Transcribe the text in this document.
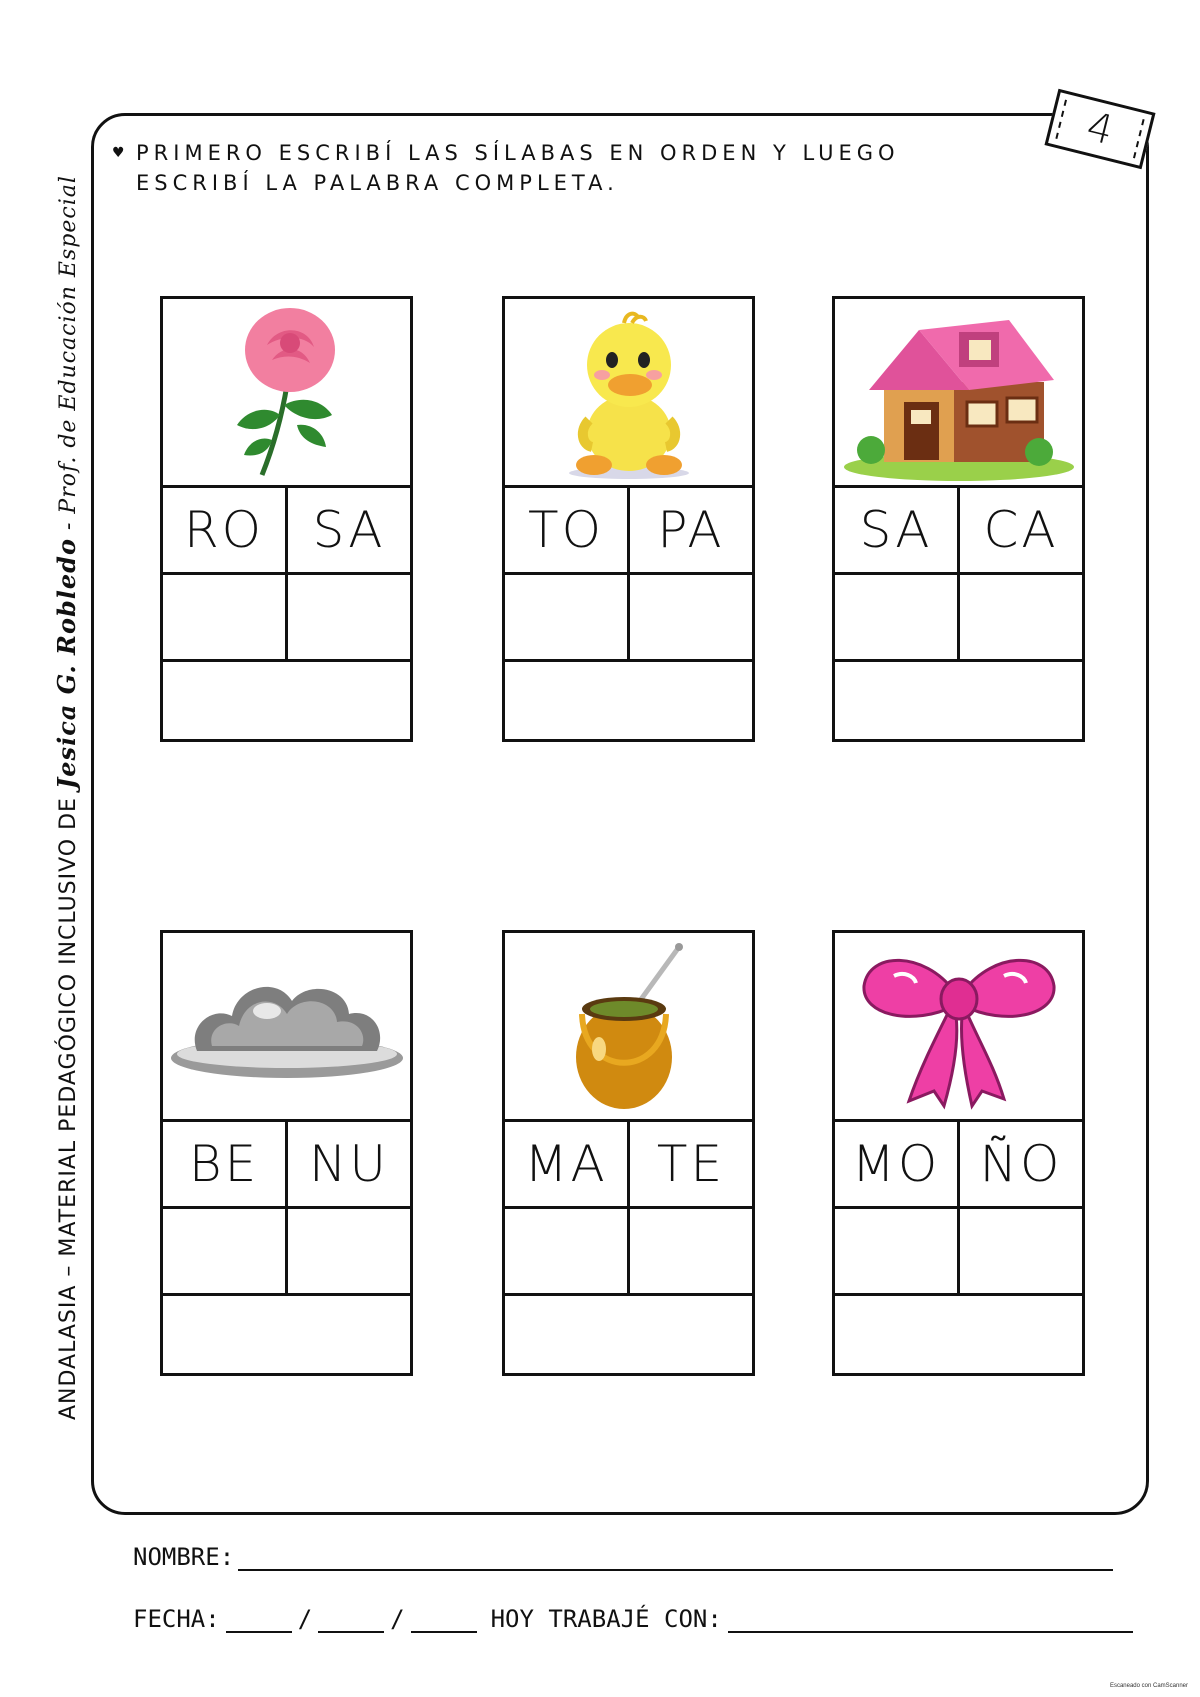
4
♥ PRIMERO ESCRIBÍ LAS SÍLABAS EN ORDEN Y LUEGO
ESCRIBÍ LA PALABRA COMPLETA.
ANDALASIA – MATERIAL PEDAGÓGICO INCLUSIVO DE Jesica G. Robledo - Prof. de Educación Especial	RO SA	TO	PA	SA	CA
BE NU	MA TE	MO ÑO
NOMBRE:
FECHA:	/	/	HOY TRABAJÉ CON:
Escaneado con CamScanner
